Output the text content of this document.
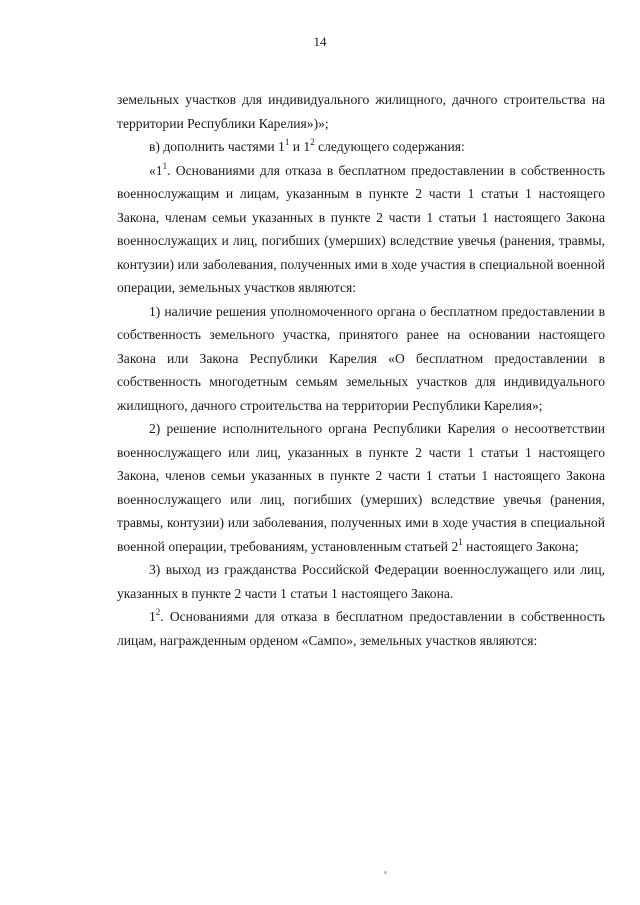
14

земельных участков для индивидуального жилищного, дачного строительства на территории Республики Карелия»)»;

в) дополнить частями $1^1$ и $1^2$ следующего содержания:

«$1^1$. Основаниями для отказа в бесплатном предоставлении в собственность военнослужащим и лицам, указанным в пункте 2 части 1 статьи 1 настоящего Закона, членам семьи указанных в пункте 2 части 1 статьи 1 настоящего Закона военнослужащих и лиц, погибших (умерших) вследствие увечья (ранения, травмы, контузии) или заболевания, полученных ими в ходе участия в специальной военной операции, земельных участков являются:

1) наличие решения уполномоченного органа о бесплатном предоставлении в собственность земельного участка, принятого ранее на основании настоящего Закона или Закона Республики Карелия «О бесплатном предоставлении в собственность многодетным семьям земельных участков для индивидуального жилищного, дачного строительства на территории Республики Карелия»;

2) решение исполнительного органа Республики Карелия о несоответствии военнослужащего или лиц, указанных в пункте 2 части 1 статьи 1 настоящего Закона, членов семьи указанных в пункте 2 части 1 статьи 1 настоящего Закона военнослужащего или лиц, погибших (умерших) вследствие увечья (ранения, травмы, контузии) или заболевания, полученных ими в ходе участия в специальной военной операции, требованиям, установленным статьей $2^1$ настоящего Закона;

3) выход из гражданства Российской Федерации военнослужащего или лиц, указанных в пункте 2 части 1 статьи 1 настоящего Закона.

$1^2$. Основаниями для отказа в бесплатном предоставлении в собственность лицам, награжденным орденом «Сампо», земельных участков являются:
